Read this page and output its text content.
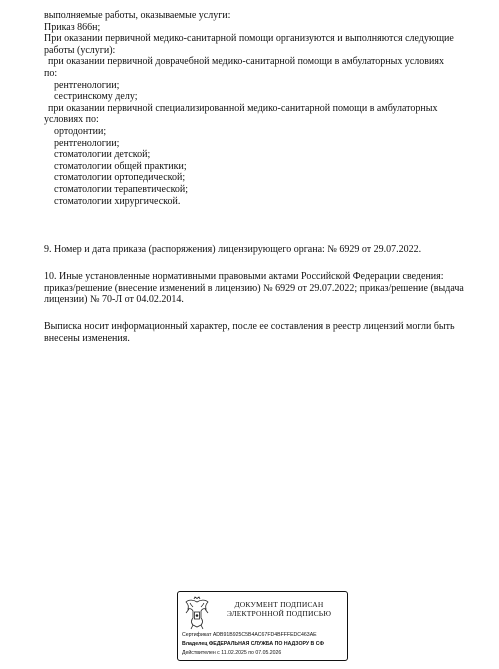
выполняемые работы, оказываемые услуги:
Приказ 866н;
При оказании первичной медико-санитарной помощи организуются и выполняются следующие
работы (услуги):
при оказании первичной доврачебной медико-санитарной помощи в амбулаторных условиях
по:
рентгенологии;
сестринскому делу;
при оказании первичной специализированной медико-санитарной помощи в амбулаторных
условиях по:
ортодонтии;
рентгенологии;
стоматологии детской;
стоматологии общей практики;
стоматологии ортопедической;
стоматологии терапевтической;
стоматологии хирургической.
9. Номер и дата приказа (распоряжения) лицензирующего органа: № 6929 от 29.07.2022.
10. Иные установленные нормативными правовыми актами Российской Федерации сведения:
приказ/решение (внесение изменений в лицензию) № 6929 от 29.07.2022; приказ/решение (выдача
лицензии) № 70-Л от 04.02.2014.
Выписка носит информационный характер, после ее составления в реестр лицензий могли быть
внесены изменения.
ДОКУМЕНТ ПОДПИСАН
ЭЛЕКТРОННОЙ ПОДПИСЬЮ
Сертификат ADB91B925C5B4AC67FD4BFFFEDC463AE
Владелец ФЕДЕРАЛЬНАЯ СЛУЖБА ПО НАДЗОРУ В СФ
Действителен с 11.02.2025 по 07.05.2026
